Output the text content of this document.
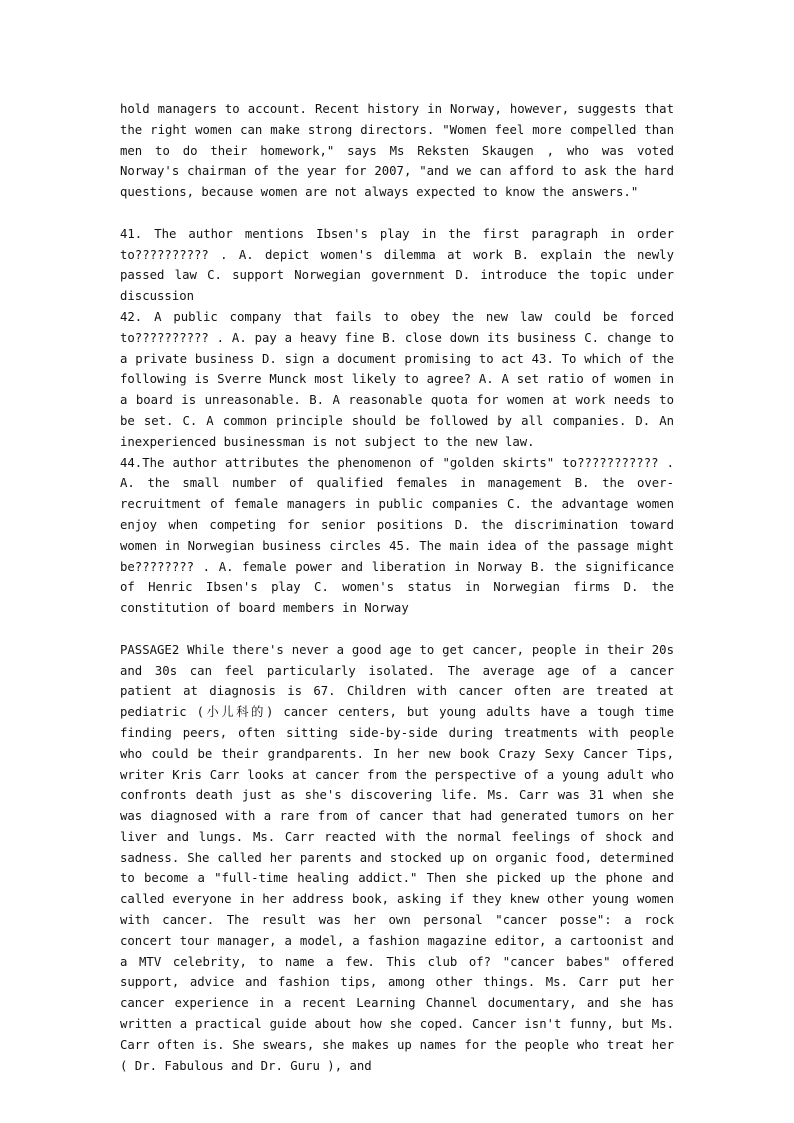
hold managers to account. Recent history in Norway, however, suggests that the right women can make strong directors. "Women feel more compelled than men to do their homework," says Ms Reksten Skaugen , who was voted Norway's chairman of the year for 2007, "and we can afford to ask the hard questions, because women are not always expected to know the answers."

41. The author mentions Ibsen's play in the first paragraph in order to?????????? . A. depict women's dilemma at work B. explain the newly passed law C. support Norwegian government D. introduce the topic under discussion

42. A public company that fails to obey the new law could be forced to?????????? . A. pay a heavy fine B. close down its business C. change to a private business D. sign a document promising to act 43. To which of the following is Sverre Munck most likely to agree? A. A set ratio of women in a board is unreasonable. B. A reasonable quota for women at work needs to be set. C. A common principle should be followed by all companies. D. An inexperienced businessman is not subject to the new law.

44.The author attributes the phenomenon of "golden skirts" to??????????? . A. the small number of qualified females in management B. the over-recruitment of female managers in public companies C. the advantage women enjoy when competing for senior positions D. the discrimination toward women in Norwegian business circles 45. The main idea of the passage might be???????? . A. female power and liberation in Norway B. the significance of Henric Ibsen's play C. women's status in Norwegian firms D. the constitution of board members in Norway

PASSAGE2 While there's never a good age to get cancer, people in their 20s and 30s can feel particularly isolated. The average age of a cancer patient at diagnosis is 67. Children with cancer often are treated at pediatric (小儿科的) cancer centers, but young adults have a tough time finding peers, often sitting side-by-side during treatments with people who could be their grandparents. In her new book Crazy Sexy Cancer Tips, writer Kris Carr looks at cancer from the perspective of a young adult who confronts death just as she's discovering life. Ms. Carr was 31 when she was diagnosed with a rare from of cancer that had generated tumors on her liver and lungs. Ms. Carr reacted with the normal feelings of shock and sadness. She called her parents and stocked up on organic food, determined to become a "full-time healing addict." Then she picked up the phone and called everyone in her address book, asking if they knew other young women with cancer. The result was her own personal "cancer posse": a rock concert tour manager, a model, a fashion magazine editor, a cartoonist and a MTV celebrity, to name a few. This club of? "cancer babes" offered support, advice and fashion tips, among other things. Ms. Carr put her cancer experience in a recent Learning Channel documentary, and she has written a practical guide about how she coped. Cancer isn't funny, but Ms. Carr often is. She swears, she makes up names for the people who treat her ( Dr. Fabulous and Dr. Guru ), and
